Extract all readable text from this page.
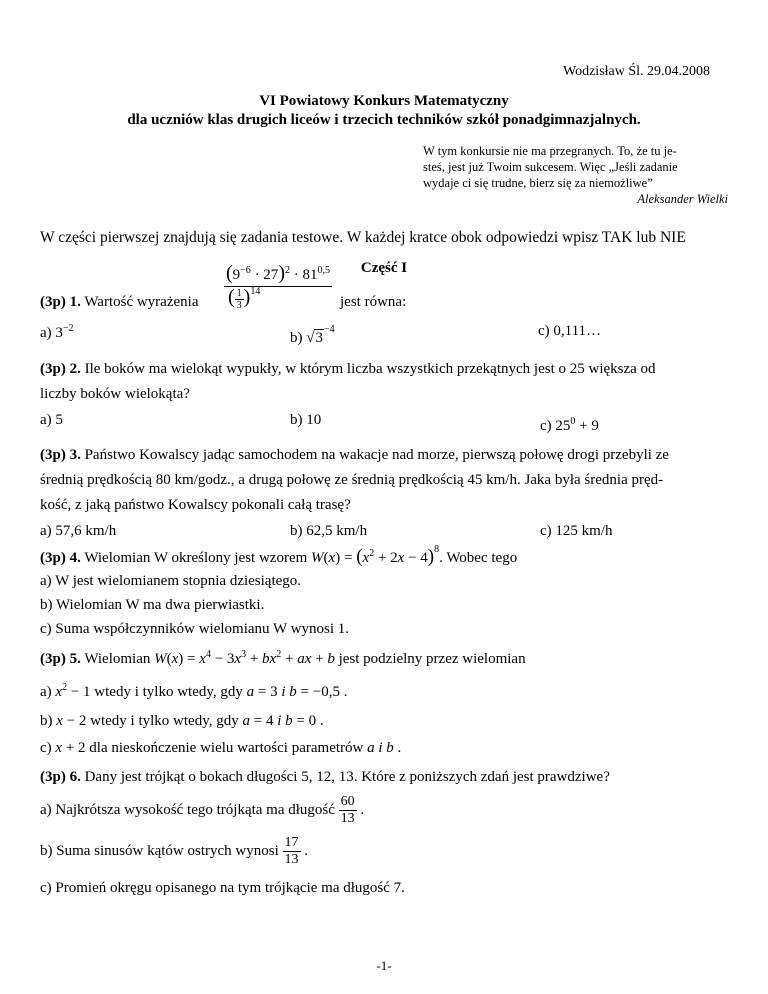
Wodzisław Śl. 29.04.2008
VI Powiatowy Konkurs Matematyczny
dla uczniów klas drugich liceów i trzecich techników szkół ponadgimnazjalnych.
W tym konkursie nie ma przegranych. To, że tu je-
steś, jest już Twoim sukcesem. Więc „Jeśli zadanie
wydaje ci się trudne, bierz się za niemożliwe”
Aleksander Wielki
W części pierwszej znajdują się zadania testowe. W każdej kratce obok odpowiedzi wpisz TAK lub NIE
Część I
(3p) 1. Wartość wyrażenia
$(9^{-6} \cdot 27)^2 \cdot 81^{0,5}$
( $\frac{1}{3} )^{14}$
jest równa:
a) $3^{-2}$
b) $√3^{-4}$	c) 0,111…
(3p) 2. Ile boków ma wielokąt wypukły, w którym liczba wszystkich przekątnych jest o 25 większa od
liczby boków wielokąta?
a) 5	b) 10	c) $25^0 + 9$
(3p) 3. Państwo Kowalscy jadąc samochodem na wakacje nad morze, pierwszą połowę drogi przebyli ze
średnią prędkością 80 km/godz., a drugą połowę ze średnią prędkością 45 km/h. Jaka była średnia pręd-
kość, z jaką państwo Kowalscy pokonali całą trasę?
a) 57,6 km/h	b) 62,5 km/h	c) 125 km/h
(3p) 4. Wielomian W określony jest wzorem $W(x) = (x^2 + 2x - 4)^8$. Wobec tego
a) W jest wielomianem stopnia dziesiątego.
b) Wielomian W ma dwa pierwiastki.
c) Suma współczynników wielomianu W wynosi 1.
(3p) 5. Wielomian $W(x) = x^4 - 3x^3 + bx^2$ + ax + b jest podzielny przez wielomian
a) $x^2 - 1$ wtedy i tylko wtedy, gdy a = 3 i b = −0,5 .
b) x − 2 wtedy i tylko wtedy, gdy a = 4 i b = 0 .
c) x + 2 dla nieskończenie wielu wartości parametrów a i b .
(3p) 6. Dany jest trójkąt o bokach długości 5, 12, 13. Które z poniższych zdań jest prawdziwe?
a) Najkrótsza wysokość tego trójkąta ma długość $\frac{60}{13}$ .
b) Suma sinusów kątów ostrych wynosi $\frac{17}{13}$ .
c) Promień okręgu opisanego na tym trójkącie ma długość 7.
-1-
